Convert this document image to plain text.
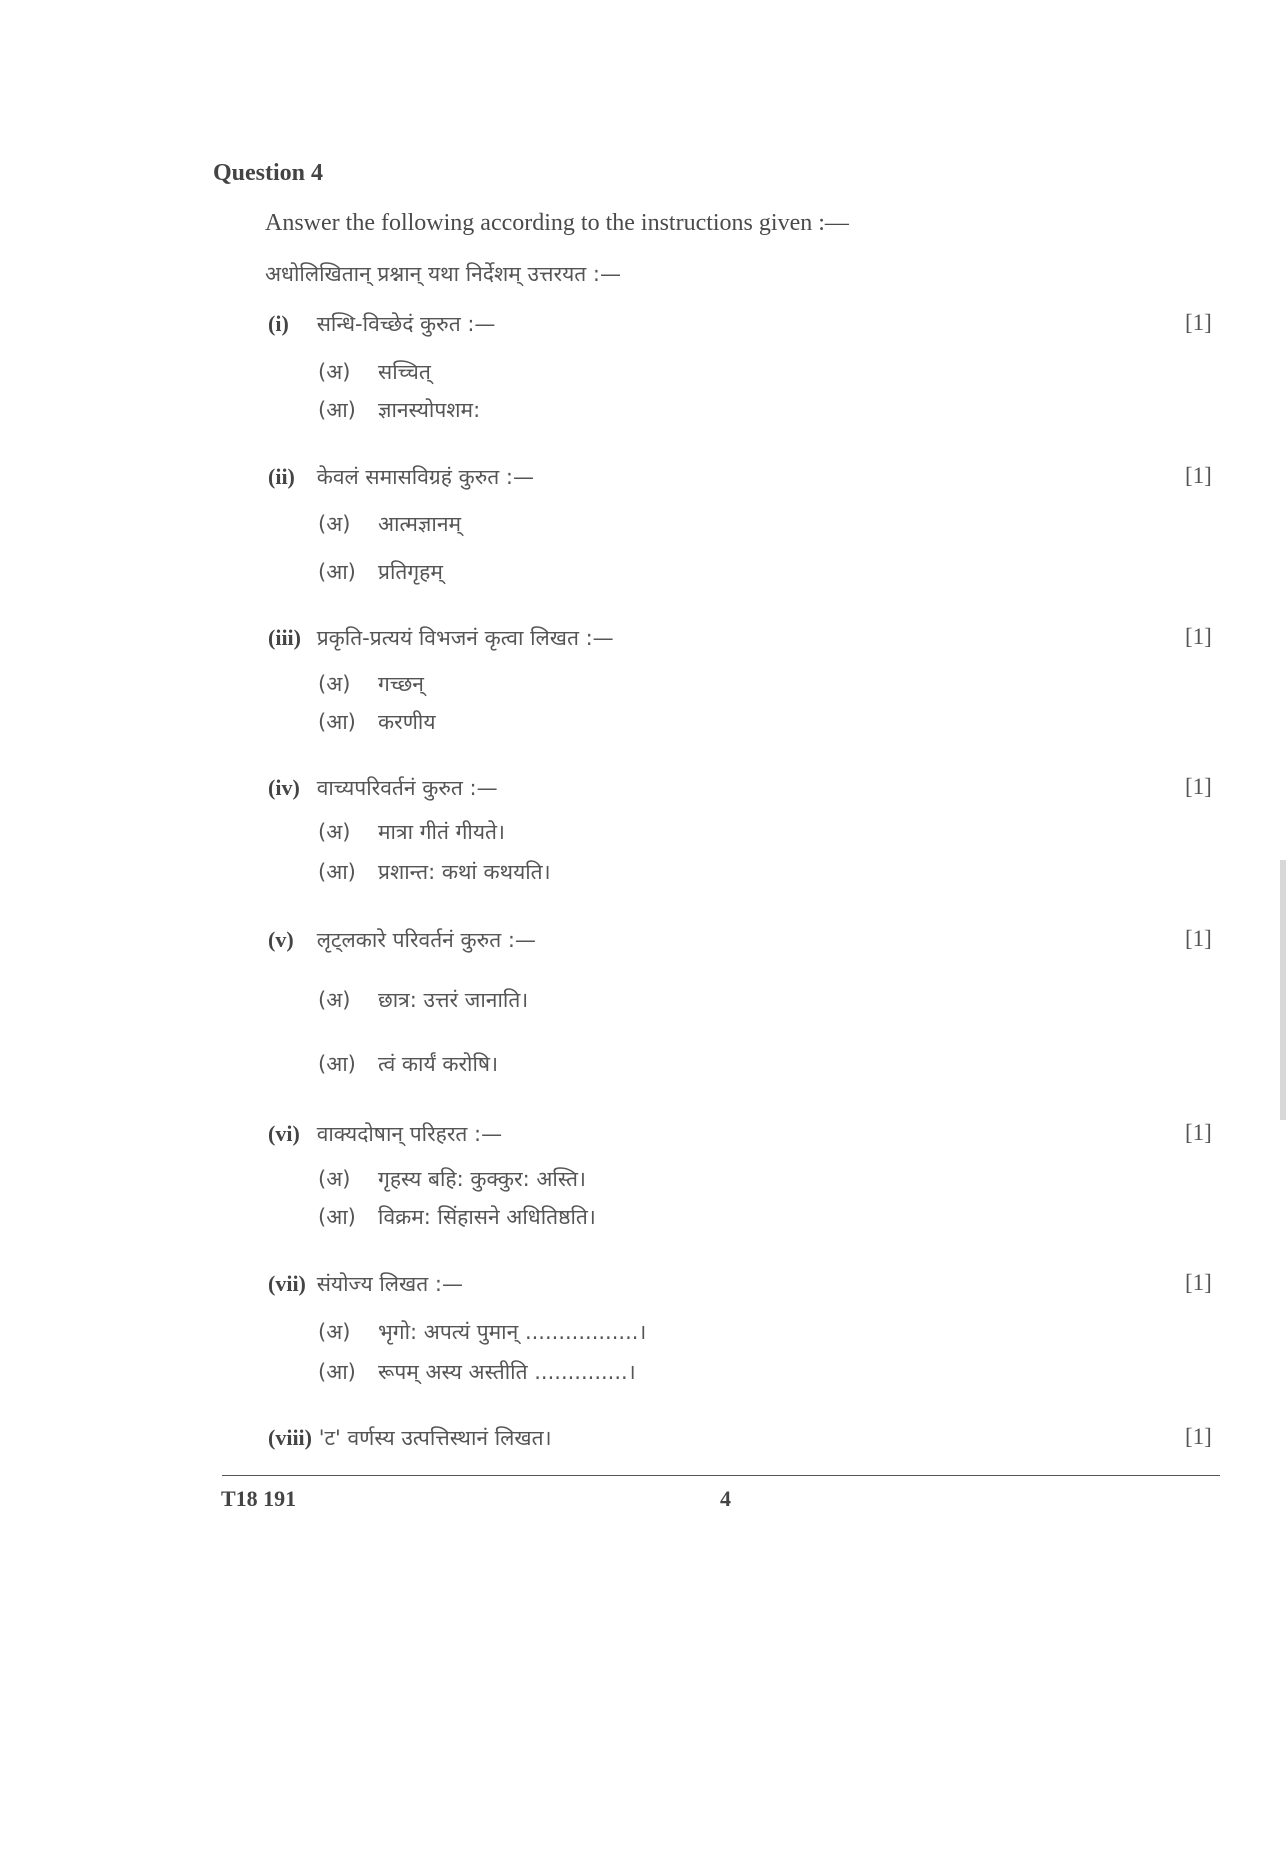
Question 4
Answer the following according to the instructions given :—
अधोलिखितान् प्रश्नान् यथा निर्देशम् उत्तरयत :—
(i) सन्धि-विच्छेदं कुरुत :—	[1]
(अ) सच्चित्
(आ) ज्ञानस्योपशम:
(ii) केवलं समासविग्रहं कुरुत :—	[1]
(अ) आत्मज्ञानम्
(आ) प्रतिगृहम्
(iii) प्रकृति-प्रत्ययं विभजनं कृत्वा लिखत :—	[1]
(अ) गच्छन्
(आ) करणीय
(iv) वाच्यपरिवर्तनं कुरुत :—	[1]
(अ) मात्रा गीतं गीयते।
(आ) प्रशान्त: कथां कथयति।
(v) लृट्लकारे परिवर्तनं कुरुत :—	[1]
(अ) छात्र: उत्तरं जानाति।
(आ) त्वं कार्यं करोषि।
(vi) वाक्यदोषान् परिहरत :—	[1]
(अ) गृहस्य बहि: कुक्कुर: अस्ति।
(आ) विक्रम: सिंहासने अधितिष्ठति।
(vii) संयोज्य लिखत :—	[1]
(अ) भृगो: अपत्यं पुमान् .................।
(आ) रूपम् अस्य अस्तीति ..............।
(viii) 'ट' वर्णस्य उत्पत्तिस्थानं लिखत।	[1]
T18 191	4
